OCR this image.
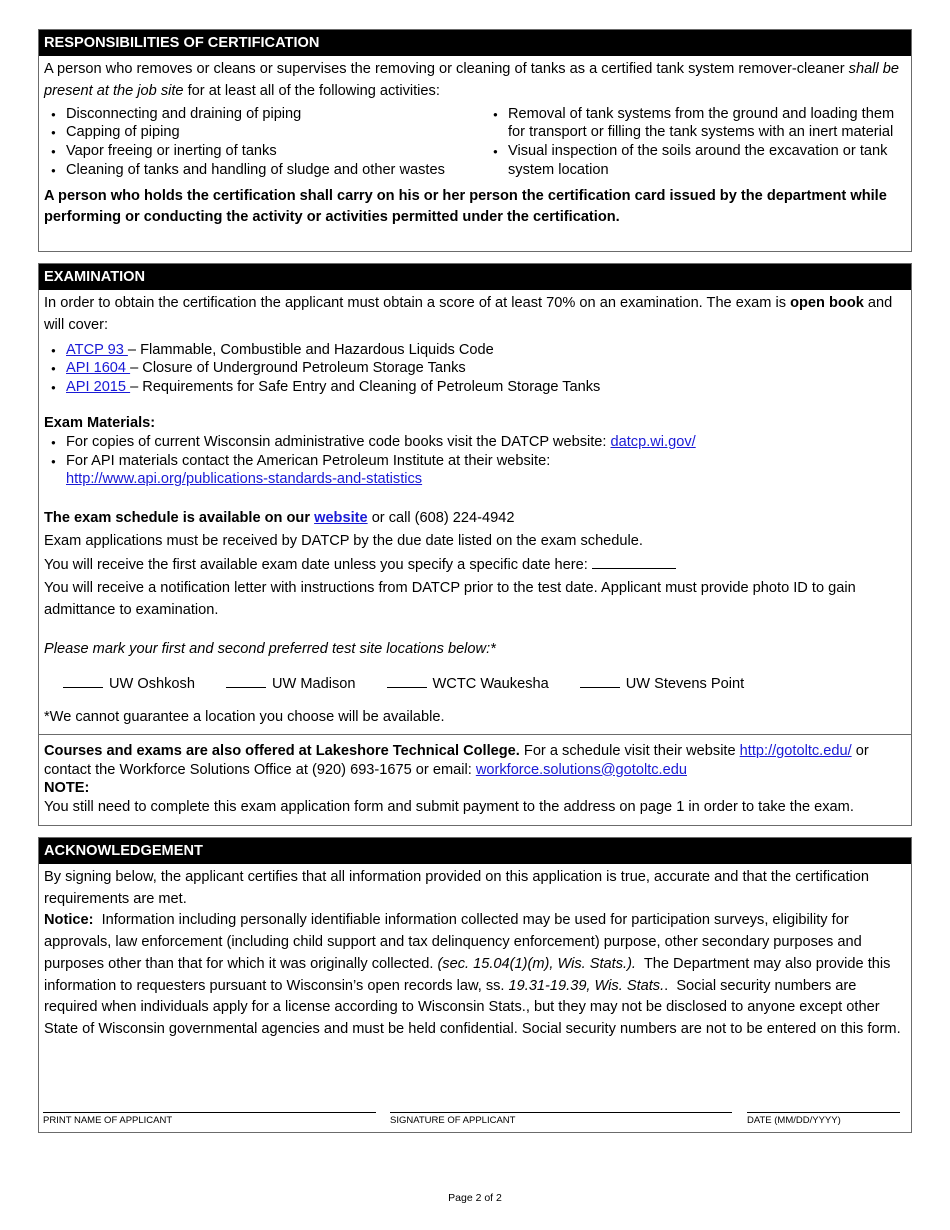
RESPONSIBILITIES OF CERTIFICATION

A person who removes or cleans or supervises the removing or cleaning of tanks as a certified tank system remover-cleaner shall be present at the job site for at least all of the following activities:

● Disconnecting and draining of piping
● Capping of piping
● Vapor freeing or inerting of tanks
● Cleaning of tanks and handling of sludge and other wastes
● Removal of tank systems from the ground and loading them for transport or filling the tank systems with an inert material
● Visual inspection of the soils around the excavation or tank system location

A person who holds the certification shall carry on his or her person the certification card issued by the department while performing or conducting the activity or activities permitted under the certification.

EXAMINATION

In order to obtain the certification the applicant must obtain a score of at least 70% on an examination. The exam is open book and will cover:

● ATCP 93 – Flammable, Combustible and Hazardous Liquids Code
● API 1604 – Closure of Underground Petroleum Storage Tanks
● API 2015 – Requirements for Safe Entry and Cleaning of Petroleum Storage Tanks

Exam Materials:

● For copies of current Wisconsin administrative code books visit the DATCP website: datcp.wi.gov/
● For API materials contact the American Petroleum Institute at their website:
http://www.api.org/publications-standards-and-statistics

The exam schedule is available on our website or call (608) 224-4942

Exam applications must be received by DATCP by the due date listed on the exam schedule.

You will receive the first available exam date unless you specify a specific date here:

You will receive a notification letter with instructions from DATCP prior to the test date. Applicant must provide photo ID to gain admittance to examination.

Please mark your first and second preferred test site locations below:*

UW Oshkosh	UW Madison	WCTC Waukesha	UW Stevens Point

*We cannot guarantee a location you choose will be available.

Courses and exams are also offered at Lakeshore Technical College. For a schedule visit their website http://gotoltc.edu/ or contact the Workforce Solutions Office at (920) 693-1675 or email: workforce.solutions@gotoltc.edu

NOTE:

You still need to complete this exam application form and submit payment to the address on page 1 in order to take the exam.

ACKNOWLEDGEMENT

By signing below, the applicant certifies that all information provided on this application is true, accurate and that the certification requirements are met.

Notice: Information including personally identifiable information collected may be used for participation surveys, eligibility for approvals, law enforcement (including child support and tax delinquency enforcement) purpose, other secondary purposes and purposes other than that for which it was originally collected. (sec. 15.04(1)(m), Wis. Stats.). The Department may also provide this information to requesters pursuant to Wisconsin’s open records law, ss. 19.31-19.39, Wis. Stats..  Social security numbers are required when individuals apply for a license according to Wisconsin Stats., but they may not be disclosed to anyone except other State of Wisconsin governmental agencies and must be held confidential. Social security numbers are not to be entered on this form.

PRINT NAME OF APPLICANT	SIGNATURE OF APPLICANT	DATE (MM/DD/YYYY)
Page 2 of 2
